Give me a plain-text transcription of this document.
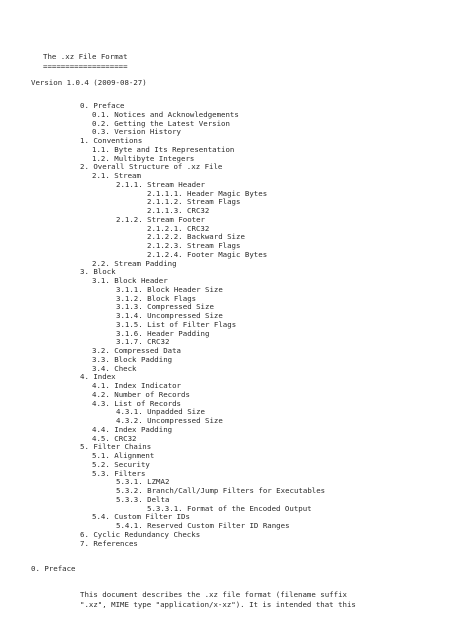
The .xz File Format
===================
Version 1.0.4 (2009-08-27)
0. Preface
0.1. Notices and Acknowledgements
0.2. Getting the Latest Version
0.3. Version History
1. Conventions
1.1. Byte and Its Representation
1.2. Multibyte Integers
2. Overall Structure of .xz File
2.1. Stream
2.1.1. Stream Header
2.1.1.1. Header Magic Bytes
2.1.1.2. Stream Flags
2.1.1.3. CRC32
2.1.2. Stream Footer
2.1.2.1. CRC32
2.1.2.2. Backward Size
2.1.2.3. Stream Flags
2.1.2.4. Footer Magic Bytes
2.2. Stream Padding
3. Block
3.1. Block Header
3.1.1. Block Header Size
3.1.2. Block Flags
3.1.3. Compressed Size
3.1.4. Uncompressed Size
3.1.5. List of Filter Flags
3.1.6. Header Padding
3.1.7. CRC32
3.2. Compressed Data
3.3. Block Padding
3.4. Check
4. Index
4.1. Index Indicator
4.2. Number of Records
4.3. List of Records
4.3.1. Unpadded Size
4.3.2. Uncompressed Size
4.4. Index Padding
4.5. CRC32
5. Filter Chains
5.1. Alignment
5.2. Security
5.3. Filters
5.3.1. LZMA2
5.3.2. Branch/Call/Jump Filters for Executables
5.3.3. Delta
5.3.3.1. Format of the Encoded Output
5.4. Custom Filter IDs
5.4.1. Reserved Custom Filter ID Ranges
6. Cyclic Redundancy Checks
7. References
0. Preface
This document describes the .xz file format (filename suffix
".xz", MIME type "application/x-xz"). It is intended that this
